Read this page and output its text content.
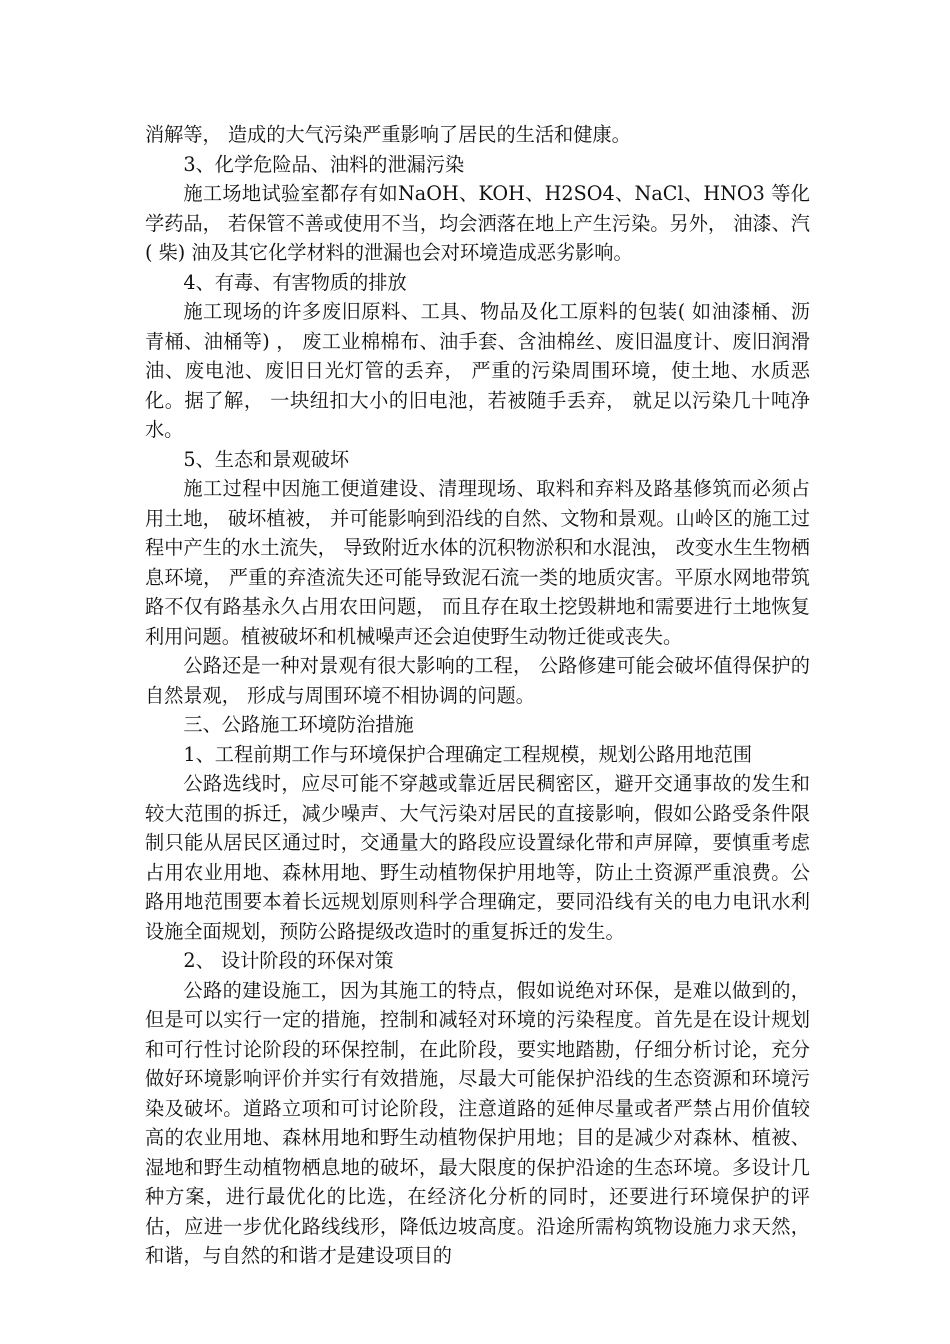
消解等， 造成的大气污染严重影响了居民的生活和健康。

3、化学危险品、油料的泄漏污染

施工场地试验室都存有如NaOH、KOH、H2SO4、NaCl、HNO3 等化学药品， 若保管不善或使用不当，均会洒落在地上产生污染。另外， 油漆、汽( 柴) 油及其它化学材料的泄漏也会对环境造成恶劣影响。

4、有毒、有害物质的排放

施工现场的许多废旧原料、工具、物品及化工原料的包装( 如油漆桶、沥青桶、油桶等) ， 废工业棉棉布、油手套、含油棉丝、废旧温度计、废旧润滑油、废电池、废旧日光灯管的丢弃， 严重的污染周围环境，使土地、水质恶化。据了解， 一块纽扣大小的旧电池，若被随手丢弃， 就足以污染几十吨净水。

5、生态和景观破坏

施工过程中因施工便道建设、清理现场、取料和弃料及路基修筑而必须占用土地， 破坏植被， 并可能影响到沿线的自然、文物和景观。山岭区的施工过程中产生的水土流失， 导致附近水体的沉积物淤积和水混浊， 改变水生生物栖息环境， 严重的弃渣流失还可能导致泥石流一类的地质灾害。平原水网地带筑路不仅有路基永久占用农田问题， 而且存在取土挖毁耕地和需要进行土地恢复利用问题。植被破坏和机械噪声还会迫使野生动物迁徙或丧失。

公路还是一种对景观有很大影响的工程， 公路修建可能会破坏值得保护的自然景观， 形成与周围环境不相协调的问题。

三、公路施工环境防治措施

1、工程前期工作与环境保护合理确定工程规模，规划公路用地范围

公路选线时，应尽可能不穿越或靠近居民稠密区，避开交通事故的发生和较大范围的拆迁，减少噪声、大气污染对居民的直接影响，假如公路受条件限制只能从居民区通过时，交通量大的路段应设置绿化带和声屏障，要慎重考虑占用农业用地、森林用地、野生动植物保护用地等，防止土资源严重浪费。公路用地范围要本着长远规划原则科学合理确定，要同沿线有关的电力电讯水利设施全面规划，预防公路提级改造时的重复拆迁的发生。

2、 设计阶段的环保对策

公路的建设施工，因为其施工的特点，假如说绝对环保，是难以做到的，但是可以实行一定的措施，控制和减轻对环境的污染程度。首先是在设计规划和可行性讨论阶段的环保控制，在此阶段，要实地踏勘，仔细分析讨论，充分做好环境影响评价并实行有效措施，尽最大可能保护沿线的生态资源和环境污染及破坏。道路立项和可讨论阶段，注意道路的延伸尽量或者严禁占用价值较高的农业用地、森林用地和野生动植物保护用地；目的是减少对森林、植被、湿地和野生动植物栖息地的破坏，最大限度的保护沿途的生态环境。多设计几种方案，进行最优化的比选，在经济化分析的同时，还要进行环境保护的评估，应进一步优化路线线形，降低边坡高度。沿途所需构筑物设施力求天然，和谐，与自然的和谐才是建设项目的
